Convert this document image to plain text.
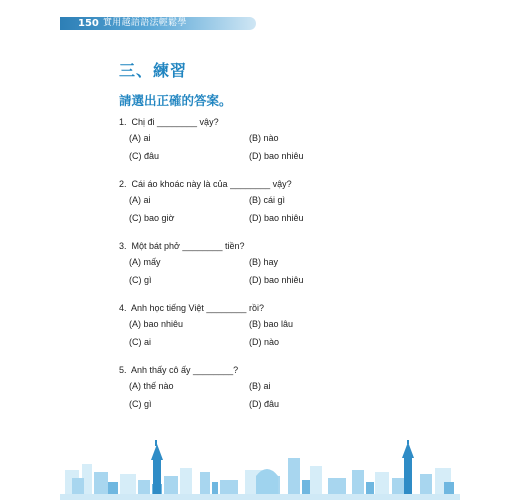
150 實用越語語法輕鬆學
三、練習
請選出正確的答案。
1.  Chị đi ________ vậy?
(A) ai	(B) nào
(C) đâu	(D) bao nhiêu
2.  Cái áo khoác này là của ________ vậy?
(A) ai	(B) cái gì
(C) bao giờ	(D) bao nhiêu
3.  Một bát phở ________ tiền?
(A) mấy	(B) hay
(C) gì	(D) bao nhiêu
4.  Anh học tiếng Việt ________ rồi?
(A) bao nhiêu	(B) bao lâu
(C) ai	(D) nào
5.  Anh thấy cô ấy ________?
(A) thế nào	(B) ai
(C) gì	(D) đâu
